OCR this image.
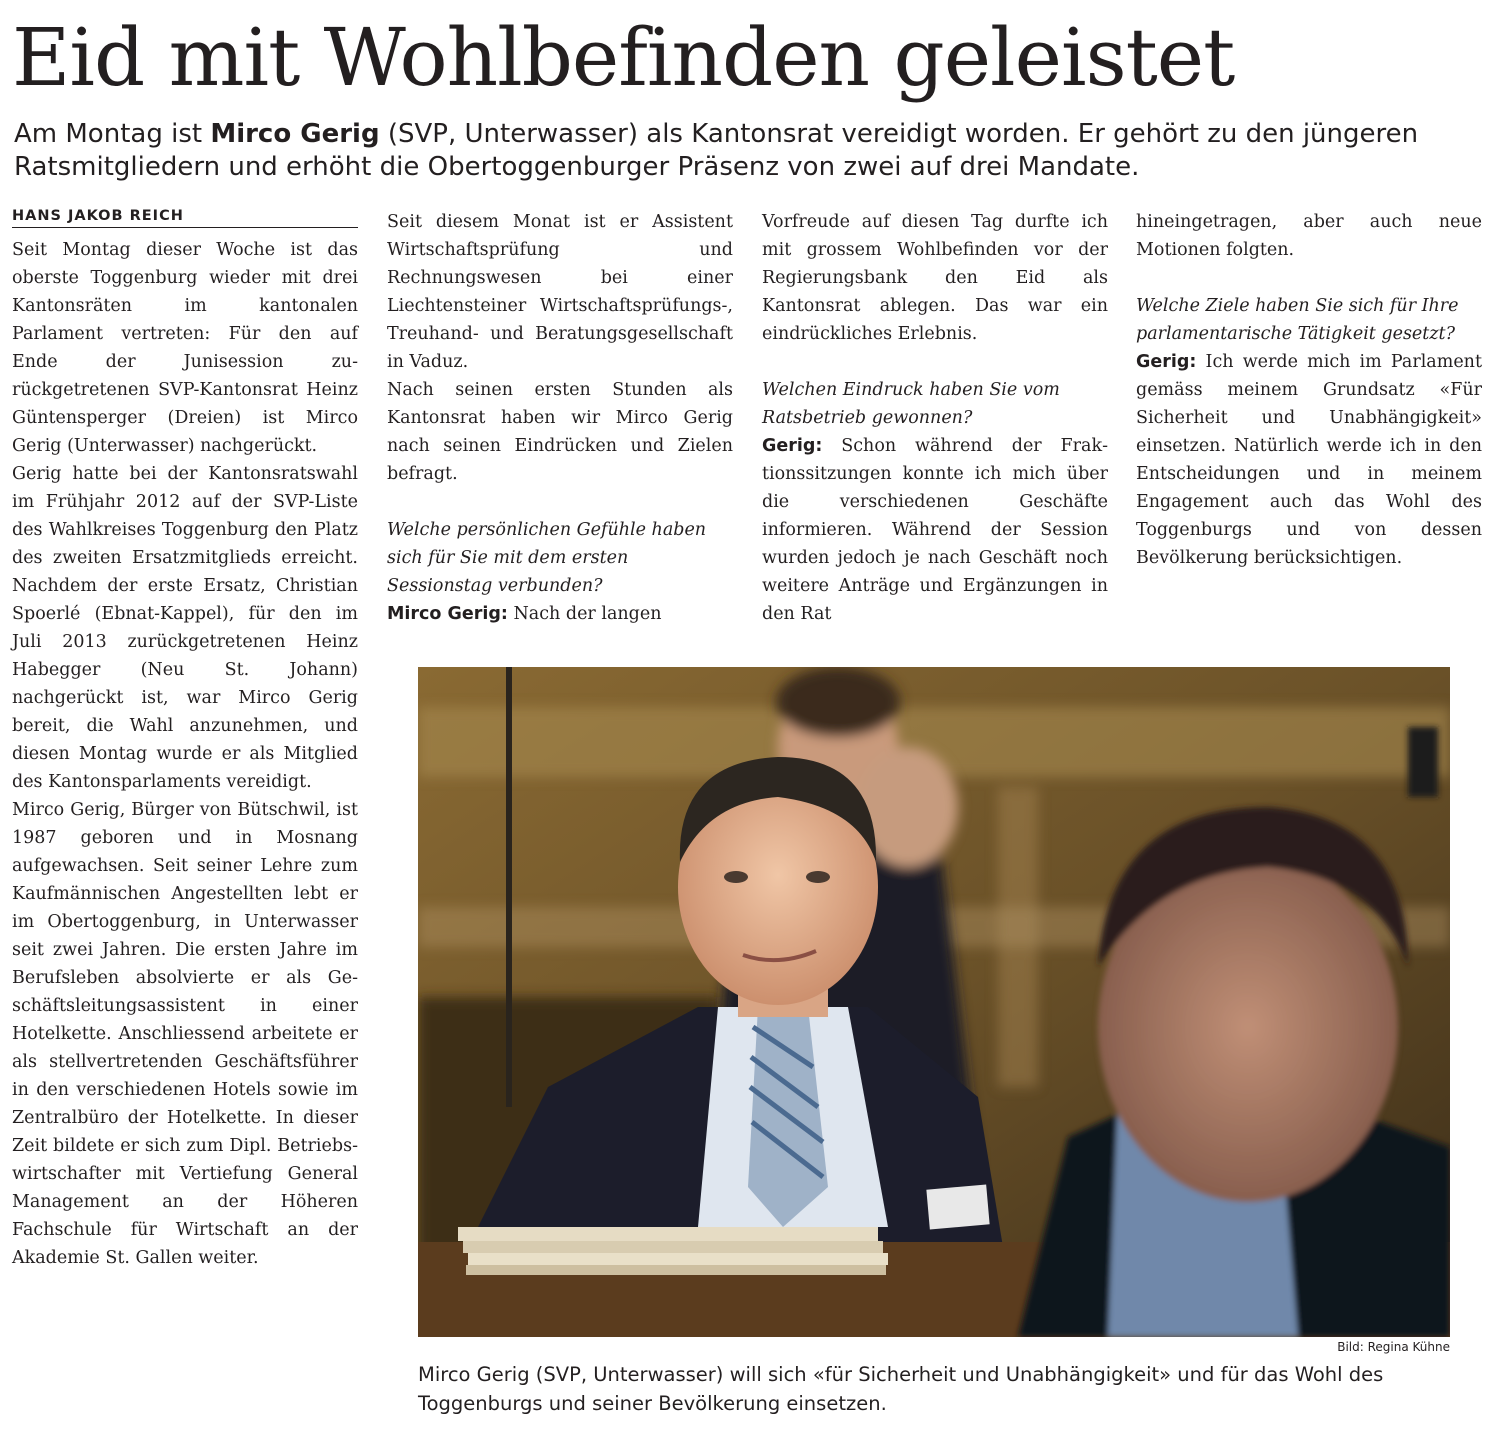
Eid mit Wohlbefinden geleistet

Am Montag ist Mirco Gerig (SVP, Unterwasser) als Kantonsrat vereidigt worden. Er gehört zu den jüngeren Ratsmitgliedern und erhöht die Obertoggenburger Präsenz von zwei auf drei Mandate.

HANS JAKOB REICH

Seit Montag dieser Woche ist das oberste Toggenburg wieder mit drei Kantonsräten im kantonalen Parlament vertreten: Für den auf Ende der Junisession zurückgetretenen SVP-Kantonsrat Heinz Güntensperger (Dreien) ist Mirco Gerig (Unterwasser) nachgerückt.

Gerig hatte bei der Kantonsratswahl im Frühjahr 2012 auf der SVP-Liste des Wahlkreises Toggenburg den Platz des zweiten Ersatzmitglieds erreicht. Nachdem der erste Ersatz, Christian Spoerlé (Ebnat-Kappel), für den im Juli 2013 zurückgetretenen Heinz Habegger (Neu St. Johann) nachgerückt ist, war Mirco Gerig bereit, die Wahl anzunehmen, und diesen Montag wurde er als Mitglied des Kantonsparlaments vereidigt.

Mirco Gerig, Bürger von Bütschwil, ist 1987 geboren und in Mosnang aufgewachsen. Seit seiner Lehre zum Kaufmännischen Angestellten lebt er im Obertoggenburg, in Unterwasser seit zwei Jahren. Die ersten Jahre im Berufsleben absolvierte er als Geschäftsleitungsassistent in einer Hotelkette. Anschliessend arbeitete er als stellvertretenden Geschäftsführer in den verschiedenen Hotels sowie im Zentralbüro der Hotelkette. In dieser Zeit bildete er sich zum Dipl. Betriebswirtschafter mit Vertiefung General Management an der Höheren Fachschule für Wirtschaft an der Akademie St. Gallen weiter.

Seit diesem Monat ist er Assistent Wirtschaftsprüfung und Rechnungswesen bei einer Liechtensteiner Wirtschaftsprüfungs-, Treuhand- und Beratungsgesellschaft in Vaduz.

Nach seinen ersten Stunden als Kantonsrat haben wir Mirco Gerig nach seinen Eindrücken und Zielen befragt.

Welche persönlichen Gefühle haben sich für Sie mit dem ersten Sessionstag verbunden?

Mirco Gerig: Nach der langen

Vorfreude auf diesen Tag durfte ich mit grossem Wohlbefinden vor der Regierungsbank den Eid als Kantonsrat ablegen. Das war ein eindrückliches Erlebnis.

Welchen Eindruck haben Sie vom Ratsbetrieb gewonnen?

Gerig: Schon während der Fraktionssitzungen konnte ich mich über die verschiedenen Geschäfte informieren. Während der Session wurden jedoch je nach Geschäft noch weitere Anträge und Ergänzungen in den Rat

hineingetragen, aber auch neue Motionen folgten.

Welche Ziele haben Sie sich für Ihre parlamentarische Tätigkeit gesetzt?

Gerig: Ich werde mich im Parlament gemäss meinem Grundsatz «Für Sicherheit und Unabhängigkeit» einsetzen. Natürlich werde ich in den Entscheidungen und in meinem Engagement auch das Wohl des Toggenburgs und von dessen Bevölkerung berücksichtigen.

Bild: Regina Kühne

Mirco Gerig (SVP, Unterwasser) will sich «für Sicherheit und Unabhängigkeit» und für das Wohl des Toggenburgs und seiner Bevölkerung einsetzen.
